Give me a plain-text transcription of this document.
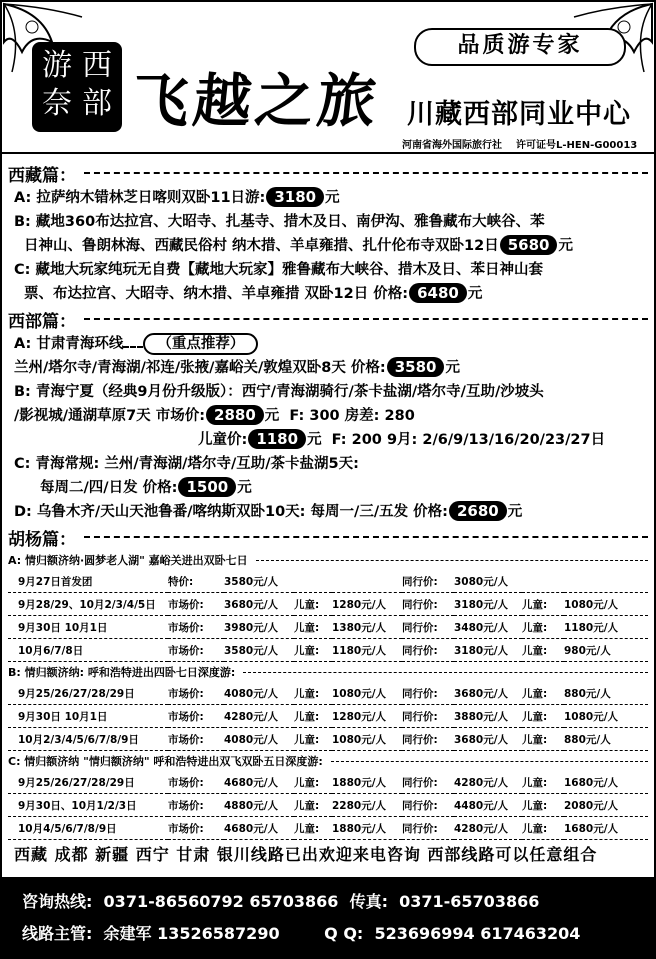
游 西
奈 部 飞越之旅
品质游专家
川藏西部同业中心
河南省海外国际旅行社 许可证号L-HEN-G00013
西藏篇：
A: 拉萨纳木错林芝日喀则双卧11日游: 3180 元
B: 藏地360布达拉宫、大昭寺、扎基寺、措木及日、南伊沟、雅鲁藏布大峡谷、苯
日神山、鲁朗林海、西藏民俗村 纳木措、羊卓雍措、扎什伦布寺双卧12日 5680 元
C: 藏地大玩家纯玩无自费【藏地大玩家】雅鲁藏布大峡谷、措木及日、苯日神山套
票、布达拉宫、大昭寺、纳木措、羊卓雍措 双卧12日 价格: 6480 元
西部篇：
A: 甘肃青海环线 （重点推荐）
兰州/塔尔寺/青海湖/祁连/张掖/嘉峪关/敦煌双卧8天 价格: 3580 元
B: 青海宁夏（经典9月份升级版）：西宁/青海湖骑行/茶卡盐湖/塔尔寺/互助/沙坡头
/影视城/通湖草原7天 市场价: 2880 元 F: 300 房差: 280
儿童价: 1180 元 F: 200 9月: 2/6/9/13/16/20/23/27日
C: 青海常规: 兰州/青海湖/塔尔寺/互助/茶卡盐湖5天:
每周二/四/日发 价格: 1500 元
D: 乌鲁木齐/天山天池鲁番/喀纳斯双卧10天: 每周一/三/五发 价格: 2680 元
胡杨篇：
A: 情归额济纳·圆梦老人湖" 嘉峪关进出双卧七日
9月27日首发团	特价:	3580元/人			同行价:	3080元/人		
9月28/29、10月2/3/4/5日	市场价:	3680元/人	儿童:	1280元/人	同行价:	3180元/人	儿童:	1080元/人
9月30日 10月1日	市场价:	3980元/人	儿童:	1380元/人	同行价:	3480元/人	儿童:	1180元/人
10月6/7/8日	市场价:	3580元/人	儿童:	1180元/人	同行价:	3180元/人	儿童:	980元/人
B: 情归额济纳: 呼和浩特进出四卧七日深度游:
9月25/26/27/28/29日	市场价:	4080元/人	儿童:	1080元/人	同行价:	3680元/人	儿童:	880元/人
9月30日 10月1日	市场价:	4280元/人	儿童:	1280元/人	同行价:	3880元/人	儿童:	1080元/人
10月2/3/4/5/6/7/8/9日	市场价:	4080元/人	儿童:	1080元/人	同行价:	3680元/人	儿童:	880元/人
C: 情归额济纳 "情归额济纳" 呼和浩特进出双飞双卧五日深度游:
9月25/26/27/28/29日	市场价:	4680元/人	儿童:	1880元/人	同行价:	4280元/人	儿童:	1680元/人
9月30日、10月1/2/3日	市场价:	4880元/人	儿童:	2280元/人	同行价:	4480元/人	儿童:	2080元/人
10月4/5/6/7/8/9日	市场价:	4680元/人	儿童:	1880元/人	同行价:	4280元/人	儿童:	1680元/人
西藏 成都 新疆 西宁 甘肃 银川线路已出欢迎来电咨询 西部线路可以任意组合
咨询热线: 0371-86560792 65703866 传真: 0371-65703866
线路主管: 余建军 13526587290	Q Q: 523696994 617463204
